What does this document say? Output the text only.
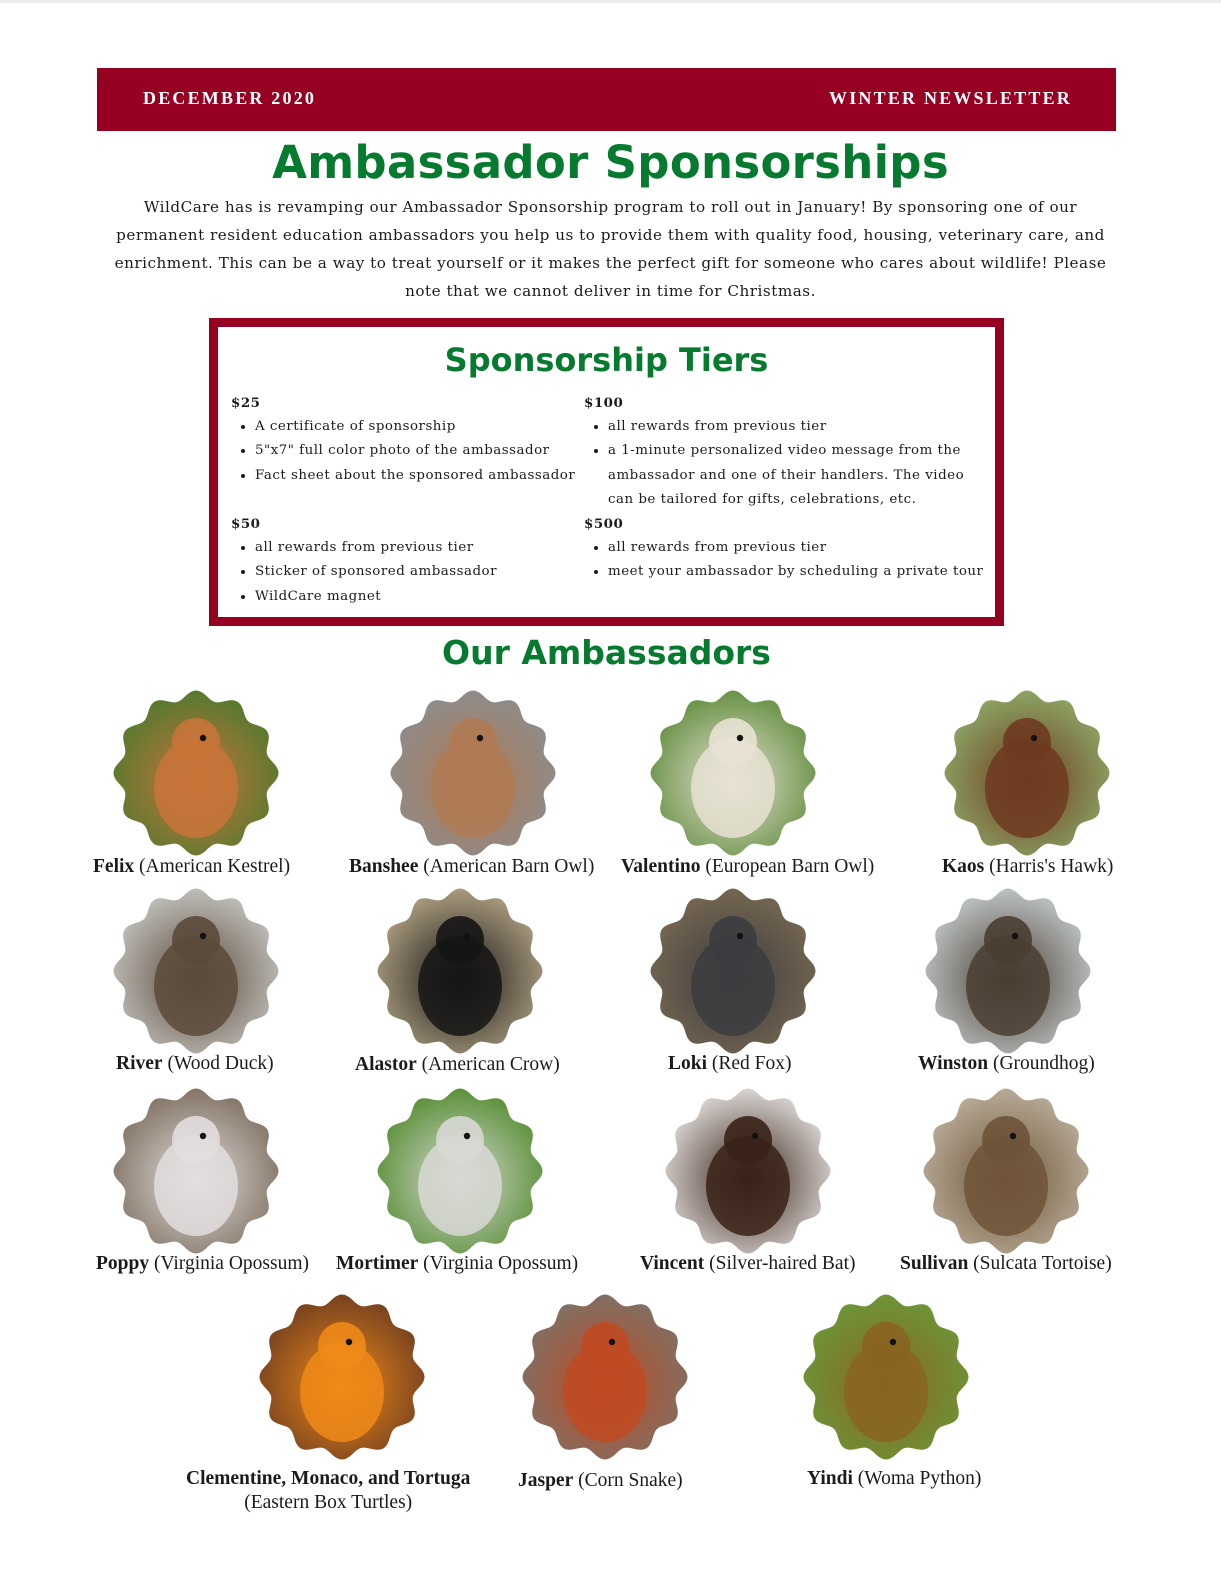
DECEMBER 2020	WINTER NEWSLETTER
Ambassador Sponsorships
WildCare has is revamping our Ambassador Sponsorship program to roll out in January! By sponsoring one of our permanent resident education ambassadors you help us to provide them with quality food, housing, veterinary care, and enrichment. This can be a way to treat yourself or it makes the perfect gift for someone who cares about wildlife! Please note that we cannot deliver in time for Christmas.
Sponsorship Tiers
$25
• A certificate of sponsorship
• 5"x7" full color photo of the ambassador
• Fact sheet about the sponsored ambassador
$50
• all rewards from previous tier
• Sticker of sponsored ambassador
• WildCare magnet
$100
• all rewards from previous tier
• a 1-minute personalized video message from the ambassador and one of their handlers. The video can be tailored for gifts, celebrations, etc.
$500
• all rewards from previous tier
• meet your ambassador by scheduling a private tour
Our Ambassadors
Felix (American Kestrel)	Banshee (American Barn Owl) Valentino (European Barn Owl)	Kaos (Harris's Hawk)
River (Wood Duck)	Alastor (American Crow)	Loki (Red Fox)	Winston (Groundhog)
Poppy (Virginia Opossum) Mortimer (Virginia Opossum)	Vincent (Silver-haired Bat) Sullivan (Sulcata Tortoise)
Clementine, Monaco, and Tortuga
(Eastern Box Turtles)
Jasper (Corn Snake)	Yindi (Woma Python)
